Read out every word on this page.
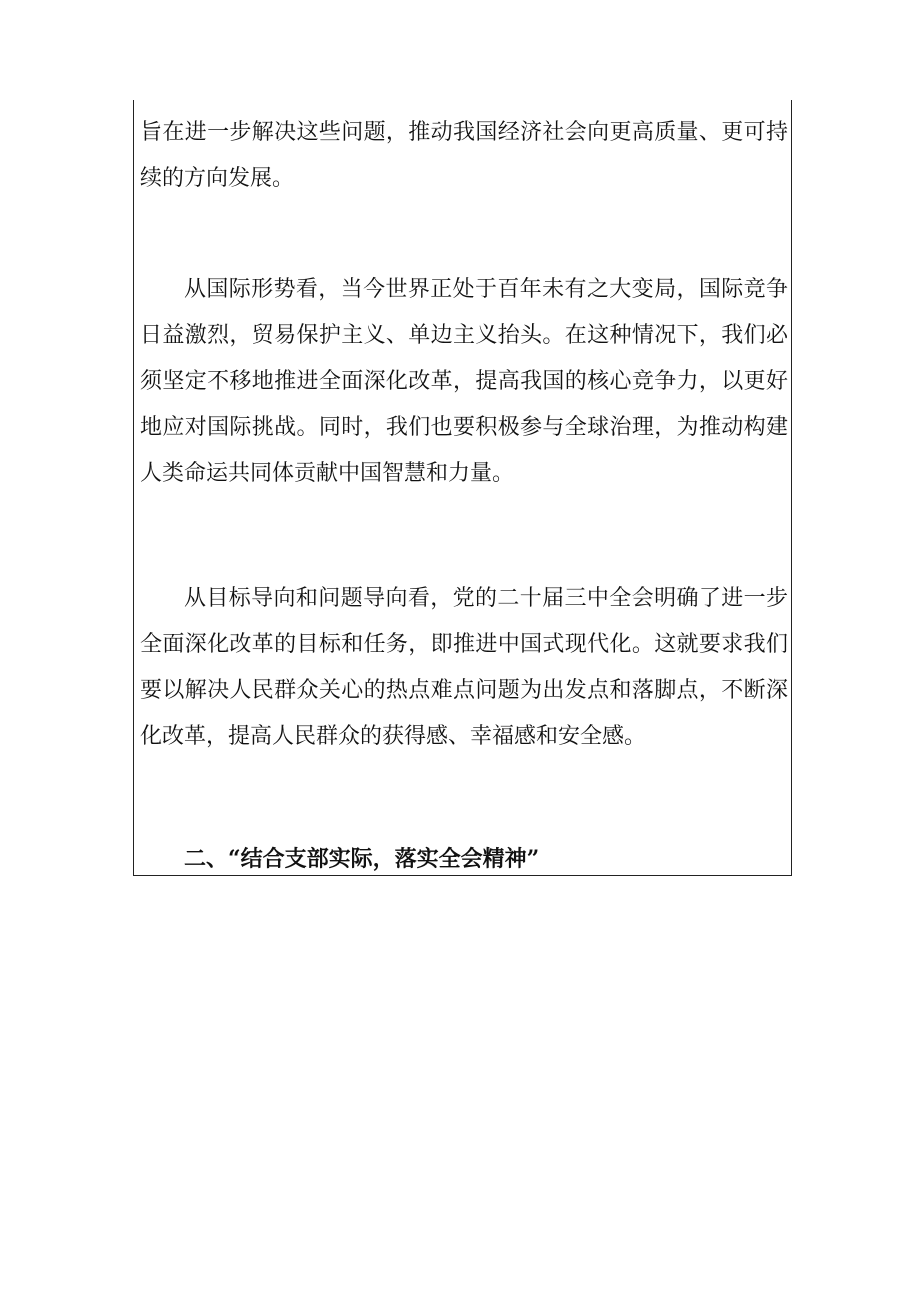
旨在进一步解决这些问题，推动我国经济社会向更高质量、更可持续的方向发展。

从国际形势看，当今世界正处于百年未有之大变局，国际竞争日益激烈，贸易保护主义、单边主义抬头。在这种情况下，我们必须坚定不移地推进全面深化改革，提高我国的核心竞争力，以更好地应对国际挑战。同时，我们也要积极参与全球治理，为推动构建人类命运共同体贡献中国智慧和力量。

从目标导向和问题导向看，党的二十届三中全会明确了进一步全面深化改革的目标和任务，即推进中国式现代化。这就要求我们要以解决人民群众关心的热点难点问题为出发点和落脚点，不断深化改革，提高人民群众的获得感、幸福感和安全感。

二、“结合支部实际，落实全会精神”
